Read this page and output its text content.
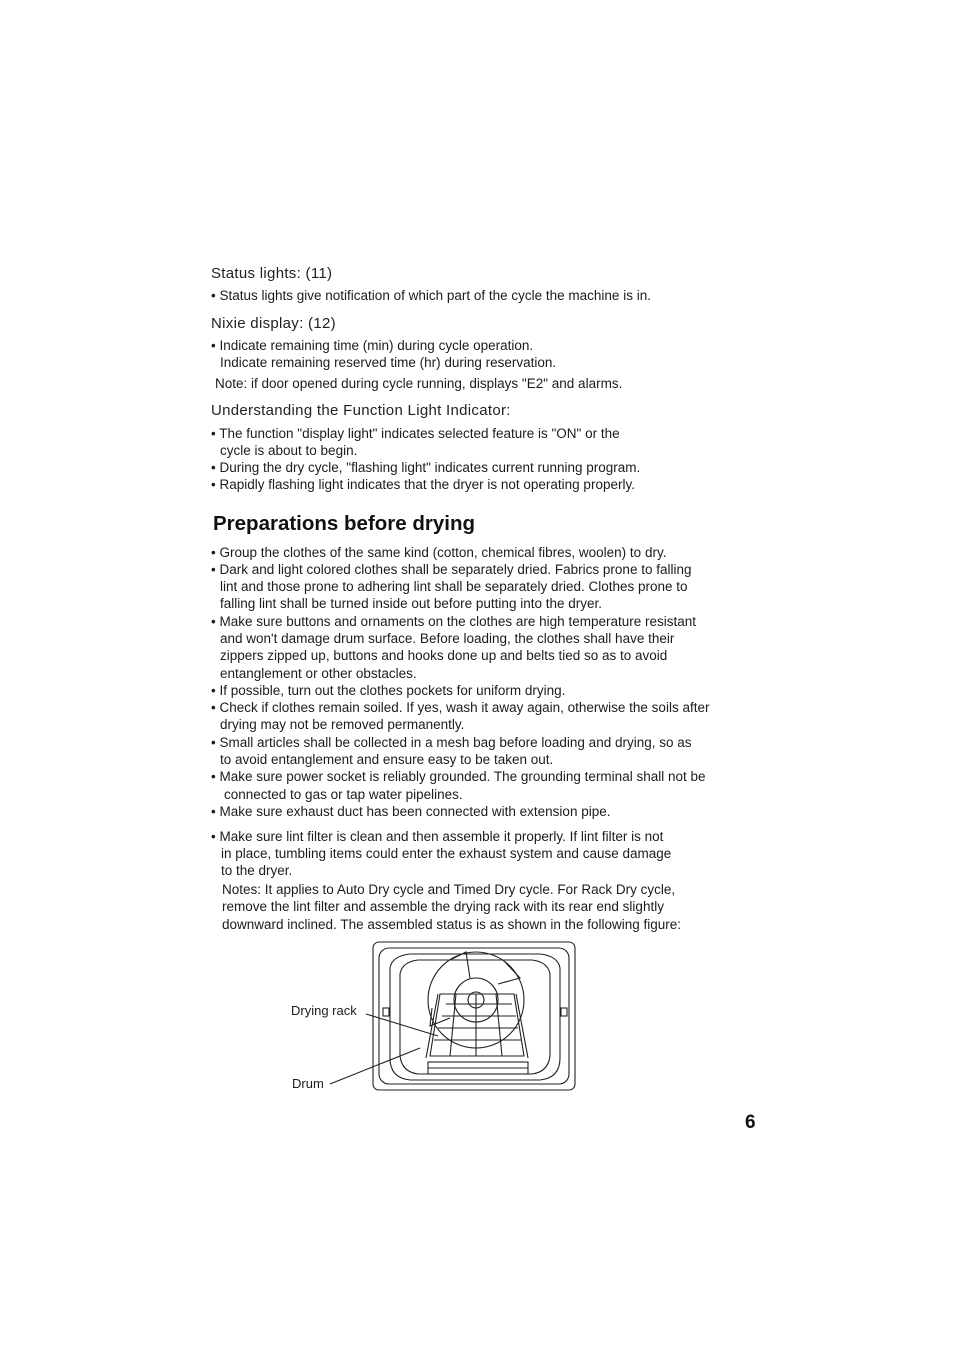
Status lights: (11)
• Status lights give notification of which part of the cycle the machine is in.
Nixie display: (12)
• Indicate remaining time (min) during cycle operation.
Indicate remaining reserved time (hr) during reservation.
Note: if door opened during cycle running, displays "E2" and alarms.
Understanding the Function Light Indicator:
• The function "display light" indicates selected feature is "ON" or the
cycle is about to begin.
• During the dry cycle, "flashing light" indicates current running program.
• Rapidly flashing light indicates that the dryer is not operating properly.
Preparations before drying
• Group the clothes of the same kind (cotton, chemical fibres, woolen) to dry.
• Dark and light colored clothes shall be separately dried. Fabrics prone to falling
lint and those prone to adhering lint shall be separately dried. Clothes prone to
falling lint shall be turned inside out before putting into the dryer.
• Make sure buttons and ornaments on the clothes are high temperature resistant
and won't damage drum surface. Before loading, the clothes shall have their
zippers zipped up, buttons and hooks done up and belts tied so as to avoid
entanglement or other obstacles.
• If possible, turn out the clothes pockets for uniform drying.
• Check if clothes remain soiled. If yes, wash it away again, otherwise the soils after
drying may not be removed permanently.
• Small articles shall be collected in a mesh bag before loading and drying, so as
to avoid entanglement and ensure easy to be taken out.
• Make sure power socket is reliably grounded. The grounding terminal shall not be
connected to gas or tap water pipelines.
• Make sure exhaust duct has been connected with extension pipe.
• Make sure lint filter is clean and then assemble it properly. If lint filter is not
in place, tumbling items could enter the exhaust system and cause damage
to the dryer.
Notes: It applies to Auto Dry cycle and Timed Dry cycle. For Rack Dry cycle,
remove the lint filter and assemble the drying rack with its rear end slightly
downward inclined. The assembled status is as shown in the following figure:
Drying rack
Drum
6
